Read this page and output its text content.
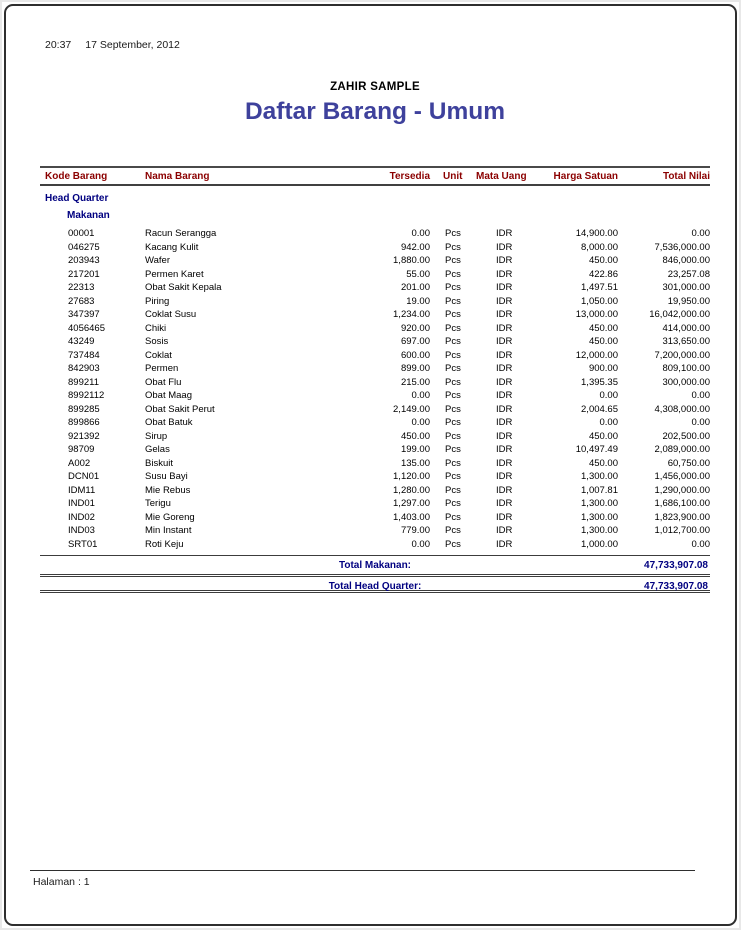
20:37 17 September, 2012
ZAHIR SAMPLE
Daftar Barang - Umum
Kode Barang	Nama Barang	Tersedia	Unit	Mata Uang	Harga Satuan	Total Nilai
Head Quarter
Makanan
00001	Racun Serangga	0.00	Pcs	IDR	14,900.00	0.00
046275	Kacang Kulit	942.00	Pcs	IDR	8,000.00	7,536,000.00
203943	Wafer	1,880.00	Pcs	IDR	450.00	846,000.00
217201	Permen Karet	55.00	Pcs	IDR	422.86	23,257.08
22313	Obat Sakit Kepala	201.00	Pcs	IDR	1,497.51	301,000.00
27683	Piring	19.00	Pcs	IDR	1,050.00	19,950.00
347397	Coklat Susu	1,234.00	Pcs	IDR	13,000.00	16,042,000.00
4056465	Chiki	920.00	Pcs	IDR	450.00	414,000.00
43249	Sosis	697.00	Pcs	IDR	450.00	313,650.00
737484	Coklat	600.00	Pcs	IDR	12,000.00	7,200,000.00
842903	Permen	899.00	Pcs	IDR	900.00	809,100.00
899211	Obat Flu	215.00	Pcs	IDR	1,395.35	300,000.00
8992112	Obat Maag	0.00	Pcs	IDR	0.00	0.00
899285	Obat Sakit Perut	2,149.00	Pcs	IDR	2,004.65	4,308,000.00
899866	Obat Batuk	0.00	Pcs	IDR	0.00	0.00
921392	Sirup	450.00	Pcs	IDR	450.00	202,500.00
98709	Gelas	199.00	Pcs	IDR	10,497.49	2,089,000.00
A002	Biskuit	135.00	Pcs	IDR	450.00	60,750.00
DCN01	Susu Bayi	1,120.00	Pcs	IDR	1,300.00	1,456,000.00
IDM11	Mie Rebus	1,280.00	Pcs	IDR	1,007.81	1,290,000.00
IND01	Terigu	1,297.00	Pcs	IDR	1,300.00	1,686,100.00
IND02	Mie Goreng	1,403.00	Pcs	IDR	1,300.00	1,823,900.00
IND03	Min Instant	779.00	Pcs	IDR	1,300.00	1,012,700.00
SRT01	Roti Keju	0.00	Pcs	IDR	1,000.00	0.00
Total Makanan:	47,733,907.08
Total Head Quarter:	47,733,907.08
Halaman : 1
